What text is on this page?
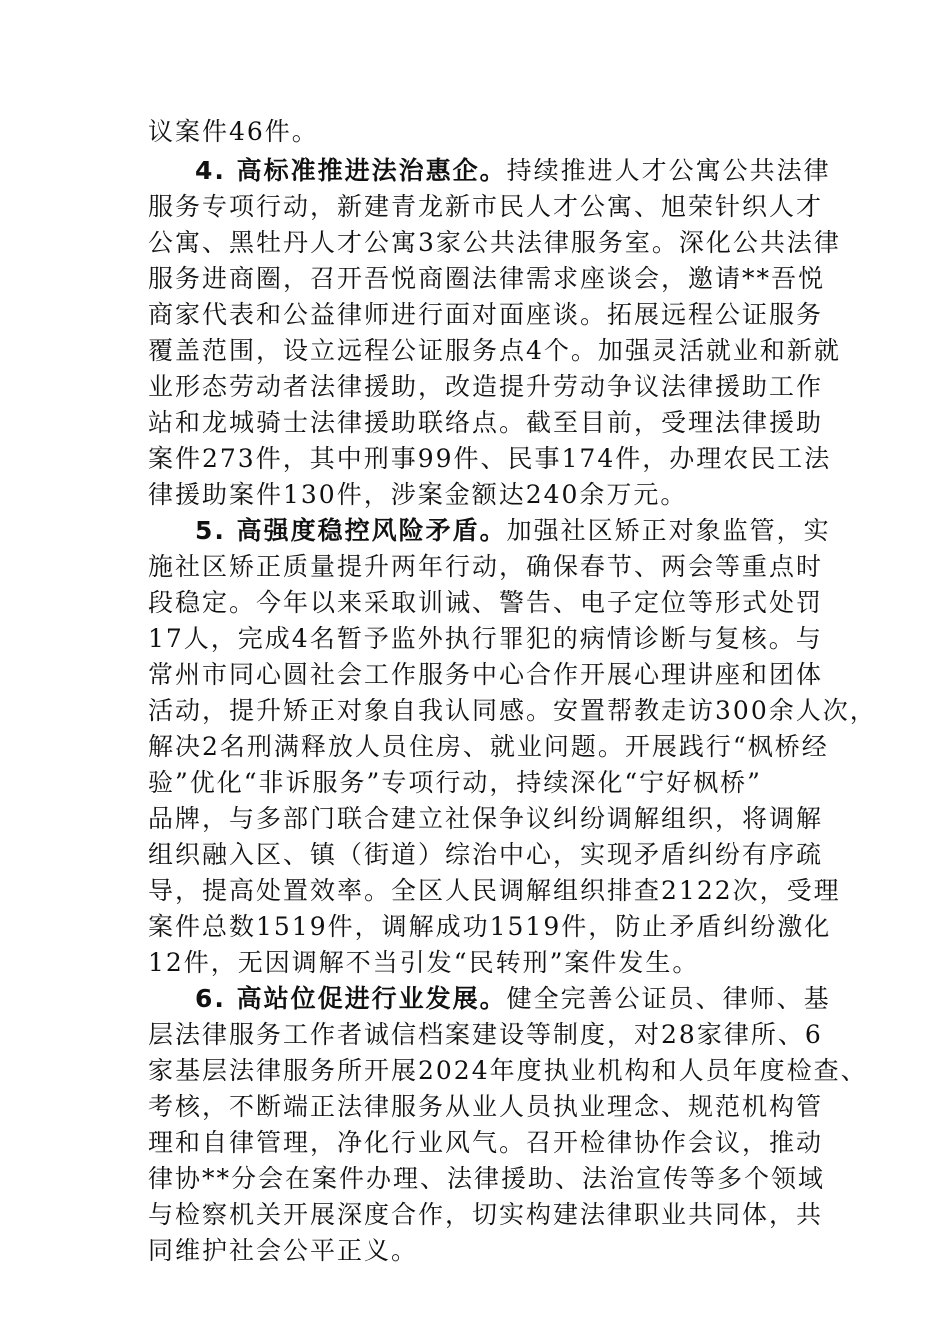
议案件46件。
4. 高标准推进法治惠企。持续推进人才公寓公共法律
服务专项行动，新建青龙新市民人才公寓、旭荣针织人才
公寓、黑牡丹人才公寓3家公共法律服务室。深化公共法律
服务进商圈，召开吾悦商圈法律需求座谈会，邀请**吾悦
商家代表和公益律师进行面对面座谈。拓展远程公证服务
覆盖范围，设立远程公证服务点4个。加强灵活就业和新就
业形态劳动者法律援助，改造提升劳动争议法律援助工作
站和龙城骑士法律援助联络点。截至目前，受理法律援助
案件273件，其中刑事99件、民事174件，办理农民工法
律援助案件130件，涉案金额达240余万元。
5. 高强度稳控风险矛盾。加强社区矫正对象监管，实
施社区矫正质量提升两年行动，确保春节、两会等重点时
段稳定。今年以来采取训诫、警告、电子定位等形式处罚
17人，完成4名暂予监外执行罪犯的病情诊断与复核。与
常州市同心圆社会工作服务中心合作开展心理讲座和团体
活动，提升矫正对象自我认同感。安置帮教走访300余人次，
解决2名刑满释放人员住房、就业问题。开展践行“枫桥经
验”优化“非诉服务”专项行动，持续深化“宁好枫桥”
品牌，与多部门联合建立社保争议纠纷调解组织，将调解
组织融入区、镇（街道）综治中心，实现矛盾纠纷有序疏
导，提高处置效率。全区人民调解组织排查2122次，受理
案件总数1519件，调解成功1519件，防止矛盾纠纷激化
12件，无因调解不当引发“民转刑”案件发生。
6. 高站位促进行业发展。健全完善公证员、律师、基
层法律服务工作者诚信档案建设等制度，对28家律所、6
家基层法律服务所开展2024年度执业机构和人员年度检查、
考核，不断端正法律服务从业人员执业理念、规范机构管
理和自律管理，净化行业风气。召开检律协作会议，推动
律协**分会在案件办理、法律援助、法治宣传等多个领域
与检察机关开展深度合作，切实构建法律职业共同体，共
同维护社会公平正义。
